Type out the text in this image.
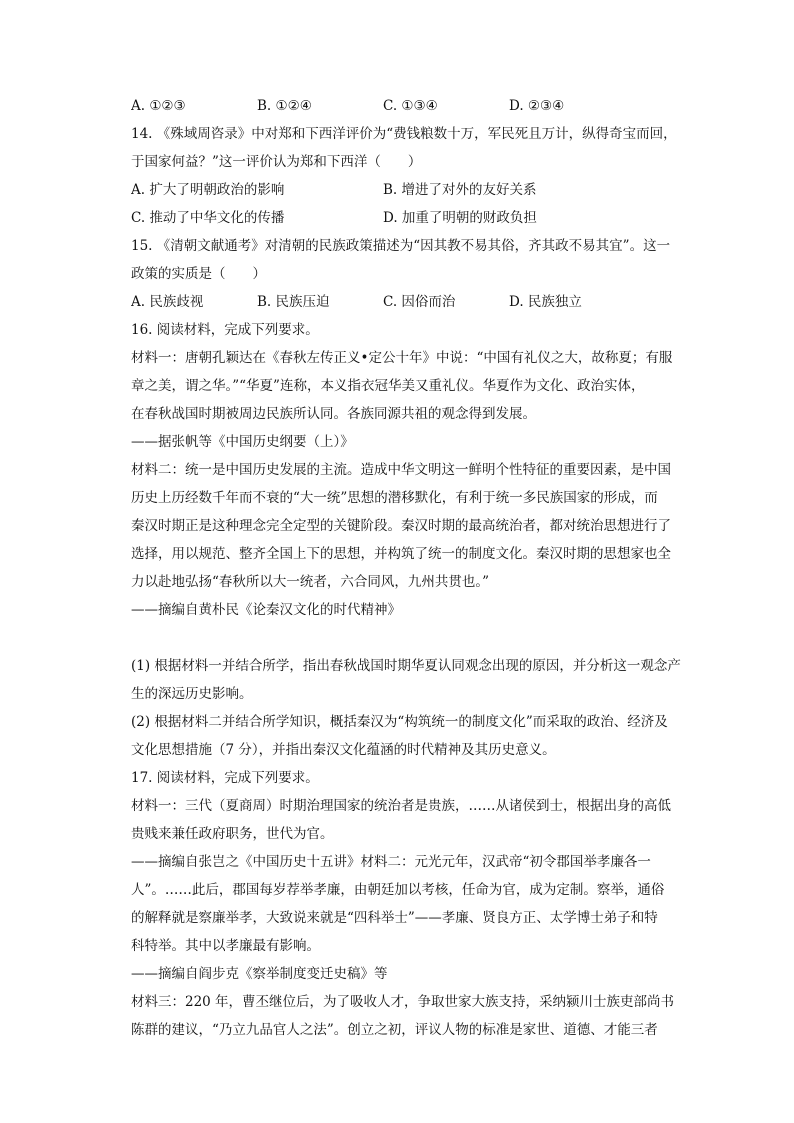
A. ①②③	B. ①②④	C. ①③④	D. ②③④
14. 《殊域周咨录》中对郑和下西洋评价为“费钱粮数十万，军民死且万计，纵得奇宝而回，
于国家何益？”这一评价认为郑和下西洋（　　）
A. 扩大了明朝政治的影响	B. 增进了对外的友好关系
C. 推动了中华文化的传播	D. 加重了明朝的财政负担
15. 《清朝文献通考》对清朝的民族政策描述为“因其教不易其俗，齐其政不易其宜”。这一
政策的实质是（　　）
A. 民族歧视	B. 民族压迫	C. 因俗而治	D. 民族独立
16. 阅读材料，完成下列要求。
材料一：唐朝孔颖达在《春秋左传正义•定公十年》中说：“中国有礼仪之大，故称夏；有服
章之美，谓之华。”“华夏”连称，本义指衣冠华美又重礼仪。华夏作为文化、政治实体，
在春秋战国时期被周边民族所认同。各族同源共祖的观念得到发展。
——据张帆等《中国历史纲要（上）》
材料二：统一是中国历史发展的主流。造成中华文明这一鲜明个性特征的重要因素，是中国
历史上历经数千年而不衰的“大一统”思想的潜移默化，有利于统一多民族国家的形成，而
秦汉时期正是这种理念完全定型的关键阶段。秦汉时期的最高统治者，都对统治思想进行了
选择，用以规范、整齐全国上下的思想，并构筑了统一的制度文化。秦汉时期的思想家也全
力以赴地弘扬“春秋所以大一统者，六合同风，九州共贯也。”
——摘编自黄朴民《论秦汉文化的时代精神》
(1) 根据材料一并结合所学，指出春秋战国时期华夏认同观念出现的原因，并分析这一观念产
生的深远历史影响。
(2) 根据材料二并结合所学知识，概括秦汉为“构筑统一的制度文化”而采取的政治、经济及
文化思想措施（7 分），并指出秦汉文化蕴涵的时代精神及其历史意义。
17. 阅读材料，完成下列要求。
材料一：三代（夏商周）时期治理国家的统治者是贵族，……从诸侯到士，根据出身的高低
贵贱来兼任政府职务，世代为官。
——摘编自张岂之《中国历史十五讲》材料二：元光元年，汉武帝“初令郡国举孝廉各一
人”。……此后，郡国每岁荐举孝廉，由朝廷加以考核，任命为官，成为定制。察举，通俗
的解释就是察廉举孝，大致说来就是“四科举士”——孝廉、贤良方正、太学博士弟子和特
科特举。其中以孝廉最有影响。
——摘编自阎步克《察举制度变迁史稿》等
材料三：220 年，曹丕继位后，为了吸收人才，争取世家大族支持，采纳颍川士族吏部尚书
陈群的建议，“乃立九品官人之法”。创立之初，评议人物的标准是家世、道德、才能三者
